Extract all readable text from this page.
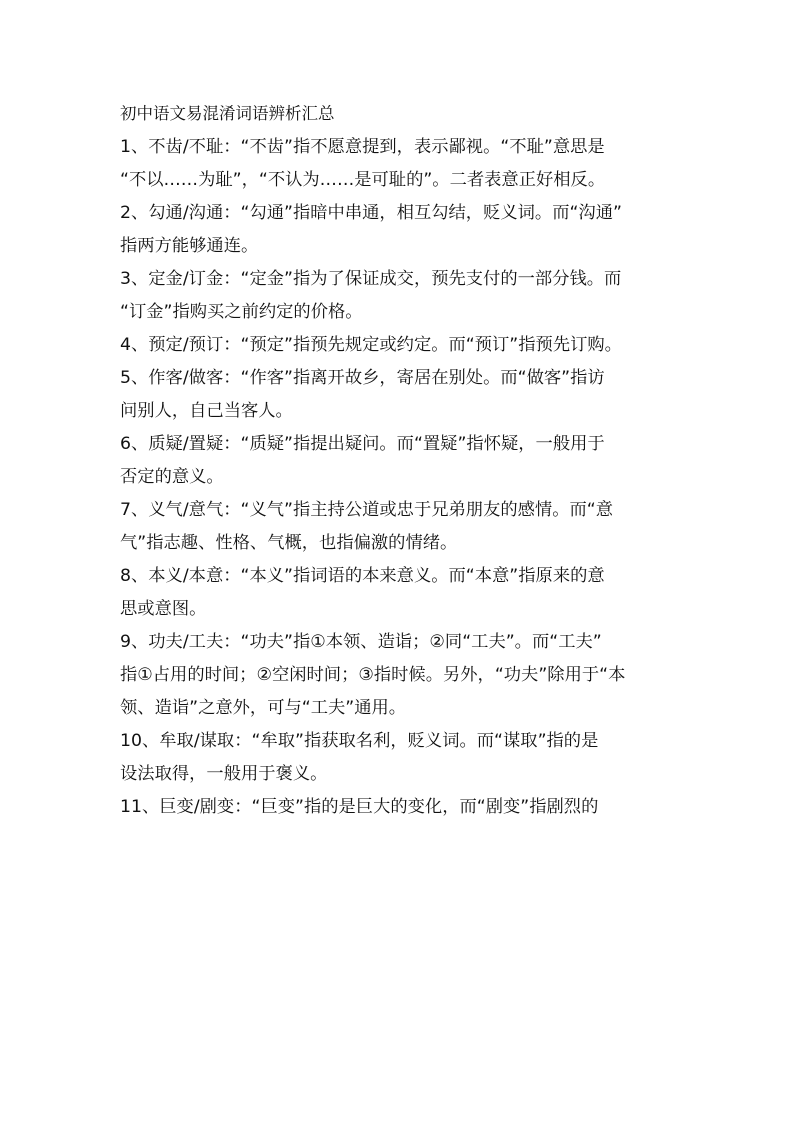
初中语文易混淆词语辨析汇总
1、不齿/不耻：“不齿”指不愿意提到，表示鄙视。“不耻”意思是
“不以……为耻”，“不认为……是可耻的”。二者表意正好相反。
2、勾通/沟通：“勾通”指暗中串通，相互勾结，贬义词。而“沟通”
指两方能够通连。
3、定金/订金：“定金”指为了保证成交，预先支付的一部分钱。而
“订金”指购买之前约定的价格。
4、预定/预订：“预定”指预先规定或约定。而“预订”指预先订购。
5、作客/做客：“作客”指离开故乡，寄居在别处。而“做客”指访
问别人，自己当客人。
6、质疑/置疑：“质疑”指提出疑问。而“置疑”指怀疑，一般用于
否定的意义。
7、义气/意气：“义气”指主持公道或忠于兄弟朋友的感情。而“意
气”指志趣、性格、气概，也指偏激的情绪。
8、本义/本意：“本义”指词语的本来意义。而“本意”指原来的意
思或意图。
9、功夫/工夫：“功夫”指①本领、造诣；②同“工夫”。而“工夫”
指①占用的时间；②空闲时间；③指时候。另外，“功夫”除用于“本
领、造诣”之意外，可与“工夫”通用。
10、牟取/谋取：“牟取”指获取名利，贬义词。而“谋取”指的是
设法取得，一般用于褒义。
11、巨变/剧变：“巨变”指的是巨大的变化，而“剧变”指剧烈的
